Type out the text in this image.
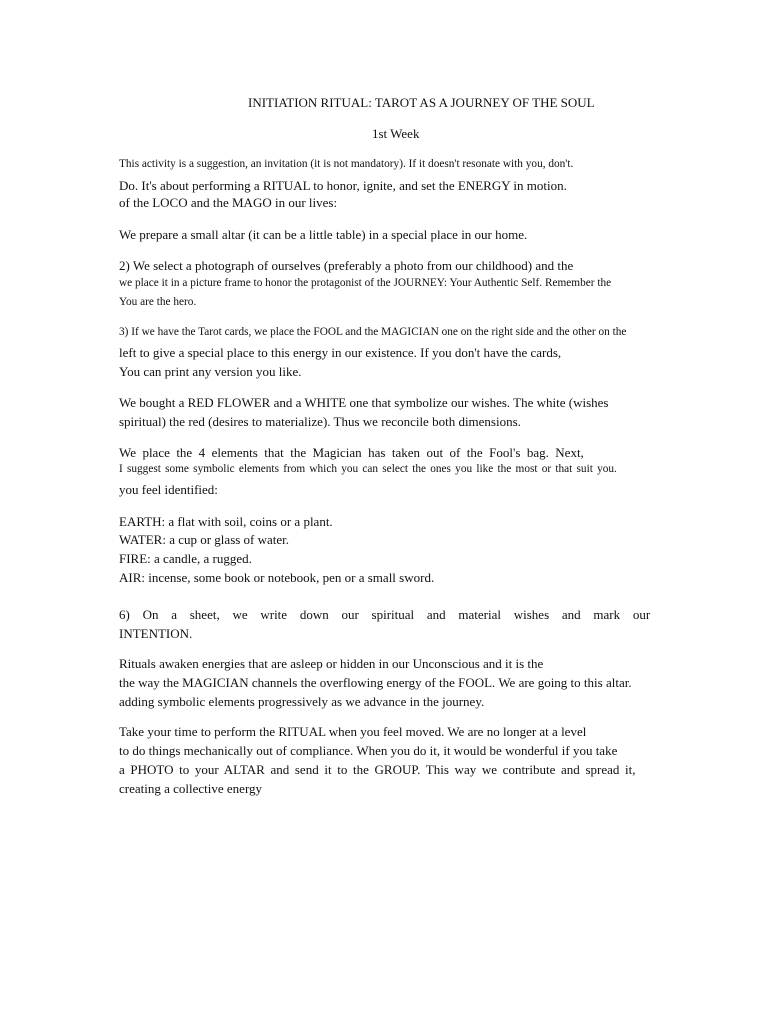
INITIATION RITUAL: TAROT AS A JOURNEY OF THE SOUL
1st Week
This activity is a suggestion, an invitation (it is not mandatory). If it doesn't resonate with you, don't.
Do. It's about performing a RITUAL to honor, ignite, and set the ENERGY in motion.
of the LOCO and the MAGO in our lives:
We prepare a small altar (it can be a little table) in a special place in our home.
2) We select a photograph of ourselves (preferably a photo from our childhood) and the
we place it in a picture frame to honor the protagonist of the JOURNEY: Your Authentic Self. Remember the
You are the hero.
3) If we have the Tarot cards, we place the FOOL and the MAGICIAN one on the right side and the other on the
left to give a special place to this energy in our existence. If you don't have the cards,
You can print any version you like.
We bought a RED FLOWER and a WHITE one that symbolize our wishes. The white (wishes
spiritual) the red (desires to materialize). Thus we reconcile both dimensions.
We place the 4 elements that the Magician has taken out of the Fool's bag. Next,
I suggest some symbolic elements from which you can select the ones you like the most or that suit you.
you feel identified:
EARTH: a flat with soil, coins or a plant.
WATER: a cup or glass of water.
FIRE: a candle, a rugged.
AIR: incense, some book or notebook, pen or a small sword.
6) On a sheet, we write down our spiritual and material wishes and mark our
INTENTION.
Rituals awaken energies that are asleep or hidden in our Unconscious and it is the
the way the MAGICIAN channels the overflowing energy of the FOOL. We are going to this altar.
adding symbolic elements progressively as we advance in the journey.
Take your time to perform the RITUAL when you feel moved. We are no longer at a level
to do things mechanically out of compliance. When you do it, it would be wonderful if you take
a PHOTO to your ALTAR and send it to the GROUP. This way we contribute and spread it,
creating a collective energy
